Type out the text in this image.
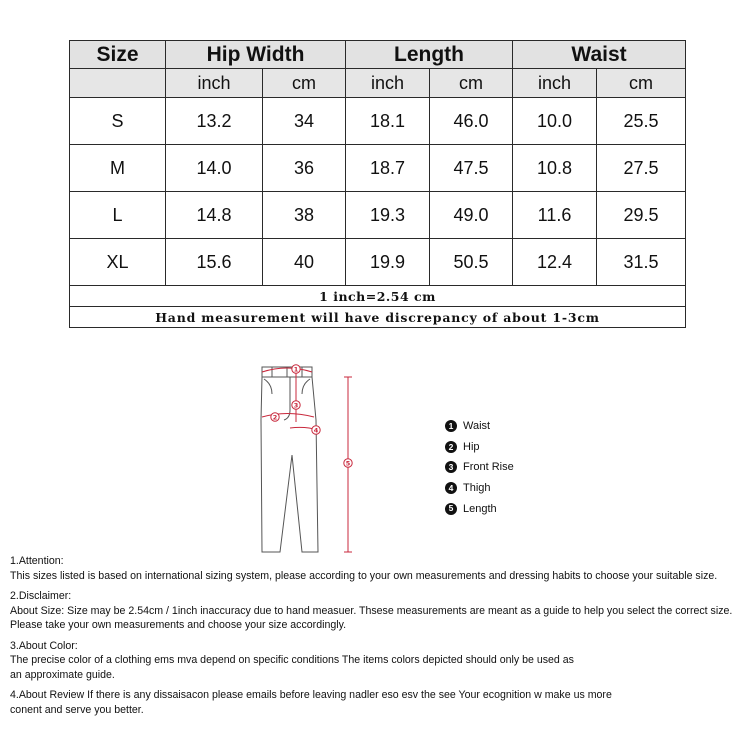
Size	Hip Width		Length		Waist	
	inch	cm	inch	cm	inch	cm
S	13.2	34	18.1	46.0	10.0	25.5
M	14.0	36	18.7	47.5	10.8	27.5
L	14.8	38	19.3	49.0	11.6	29.5
XL	15.6	40	19.9	50.5	12.4	31.5
1 inch=2.54 cm						
Hand measurement will have discrepancy of about 1-3cm						
1
2
3
4
5
1 Waist
2 Hip
3 Front Rise
4 Thigh
5 Length

1.Attention:
This sizes listed is based on international sizing system, please according to your own measurements and dressing habits to choose your suitable size.

2.Disclaimer:
About Size: Size may be 2.54cm / 1inch inaccuracy due to hand measuer. Thsese measurements are meant as a guide to help you select the correct size.
Please take your own measurements and choose your size accordingly.

3.About Color:
The precise color of a clothing ems mva depend on specific conditions The items colors depicted should only be used as
an approximate guide.

4.About Review If there is any dissaisacon please emails before leaving nadler eso esv the see Your ecognition w make us more
conent and serve you better.
